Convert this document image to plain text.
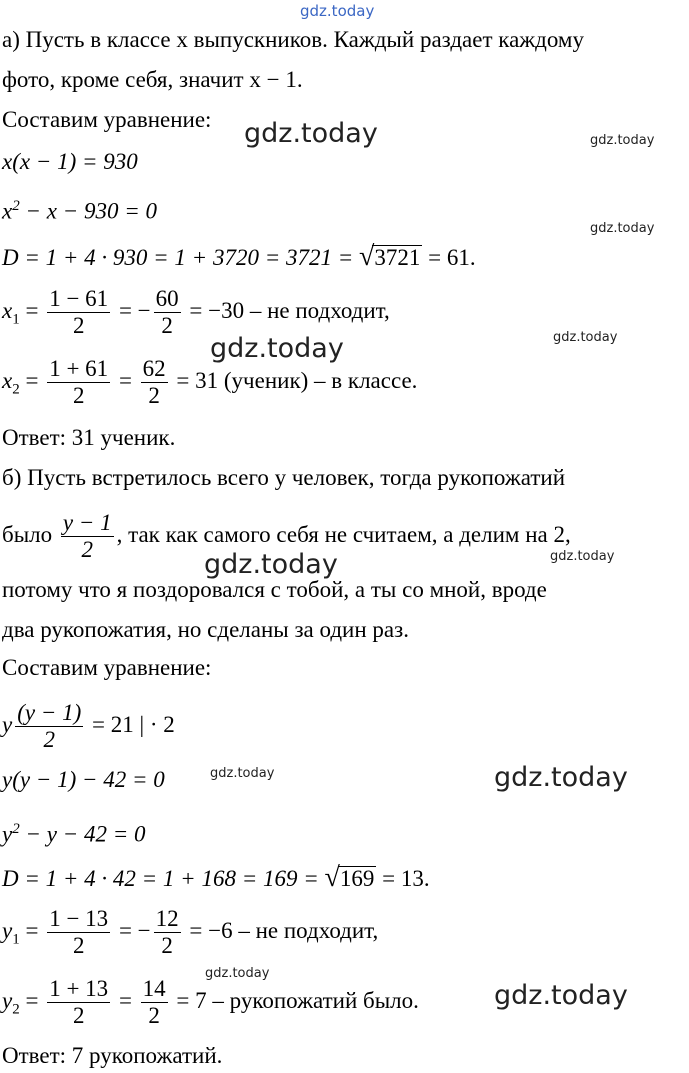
gdz.today
gdz.today	gdz.today
gdz.today
gdz.today
gdz.today
gdz.today	gdz.today
gdz.today
gdz.today
gdz.today
gdz.today
а) Пусть в классе x выпускников. Каждый раздает каждому
фото, кроме себя, значит x − 1.
Составим уравнение:
x(x − 1) = 930
$x^2 - x - 930 = 0$
D = 1 + 4 · 930 = 1 + 3720 = 3721 = √3721 = 61.
$x_1 = \frac{1 - 61}{2}$ = − $\frac{60}{2} = -30$ – не подходит,
$x_2 = \frac{1 + 61}{2} = \frac{62}{2} = 31$ (ученик) – в классе.
Ответ: 31 ученик.
б) Пусть встретилось всего y человек, тогда рукопожатий
было $\frac{y - 1}{2}$ , так как самого себя не считаем, а делим на 2,
потому что я поздоровался с тобой, а ты со мной, вроде
два рукопожатия, но сделаны за один раз.
Составим уравнение:
y $\frac{(y - 1)}{2} = 21$ | · 2
y(y − 1) − 42 = 0
$y^2 - y - 42 = 0$
D = 1 + 4 · 42 = 1 + 168 = 169 = √169 = 13.
$y_1 = \frac{1 - 13}{2}$ = − $\frac{12}{2} = -6$ – не подходит,
$y_2 = \frac{1 + 13}{2} = \frac{14}{2} = 7$ – рукопожатий было.
Ответ: 7 рукопожатий.
